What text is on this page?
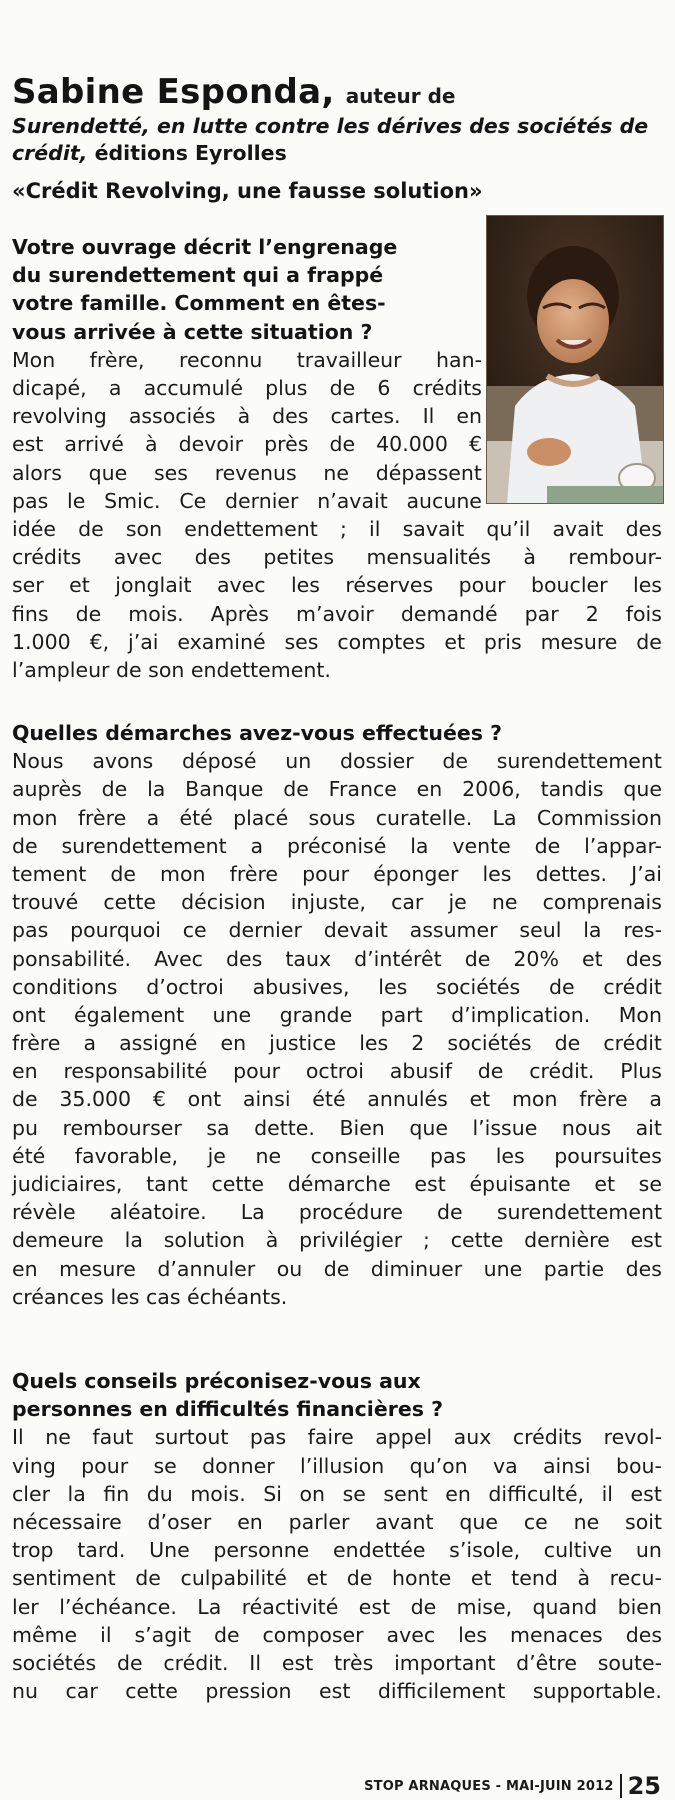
Sabine Esponda, auteur de
Surendetté, en lutte contre les dérives des sociétés de crédit, éditions Eyrolles
«Crédit Revolving, une fausse solution»
Votre ouvrage décrit l’engrenage
du surendettement qui a frappé
votre famille. Comment en êtes-
vous arrivée à cette situation ?
Mon frère, reconnu travailleur han-
dicapé, a accumulé plus de 6 crédits
revolving associés à des cartes. Il en
est arrivé à devoir près de 40.000 €
alors que ses revenus ne dépassent
pas le Smic. Ce dernier n’avait aucune
idée de son endettement ; il savait qu’il avait des
crédits avec des petites mensualités à rembour-
ser et jonglait avec les réserves pour boucler les
fins de mois. Après m’avoir demandé par 2 fois
1.000 €, j’ai examiné ses comptes et pris mesure de
l’ampleur de son endettement.
Quelles démarches avez-vous effectuées ?
Nous avons déposé un dossier de surendettement
auprès de la Banque de France en 2006, tandis que
mon frère a été placé sous curatelle. La Commission
de surendettement a préconisé la vente de l’appar-
tement de mon frère pour éponger les dettes. J’ai
trouvé cette décision injuste, car je ne comprenais
pas pourquoi ce dernier devait assumer seul la res-
ponsabilité. Avec des taux d’intérêt de 20% et des
conditions d’octroi abusives, les sociétés de crédit
ont également une grande part d’implication. Mon
frère a assigné en justice les 2 sociétés de crédit
en responsabilité pour octroi abusif de crédit. Plus
de 35.000 € ont ainsi été annulés et mon frère a
pu rembourser sa dette. Bien que l’issue nous ait
été favorable, je ne conseille pas les poursuites
judiciaires, tant cette démarche est épuisante et se
révèle aléatoire. La procédure de surendettement
demeure la solution à privilégier ; cette dernière est
en mesure d’annuler ou de diminuer une partie des
créances les cas échéants.
Quels conseils préconisez-vous aux
personnes en difficultés financières ?
Il ne faut surtout pas faire appel aux crédits revol-
ving pour se donner l’illusion qu’on va ainsi bou-
cler la fin du mois. Si on se sent en difficulté, il est
nécessaire d’oser en parler avant que ce ne soit
trop tard. Une personne endettée s’isole, cultive un
sentiment de culpabilité et de honte et tend à recu-
ler l’échéance. La réactivité est de mise, quand bien
même il s’agit de composer avec les menaces des
sociétés de crédit. Il est très important d’être soute-
nu car cette pression est difficilement supportable.
STOP ARNAQUES - MAI-JUIN 2012 25
